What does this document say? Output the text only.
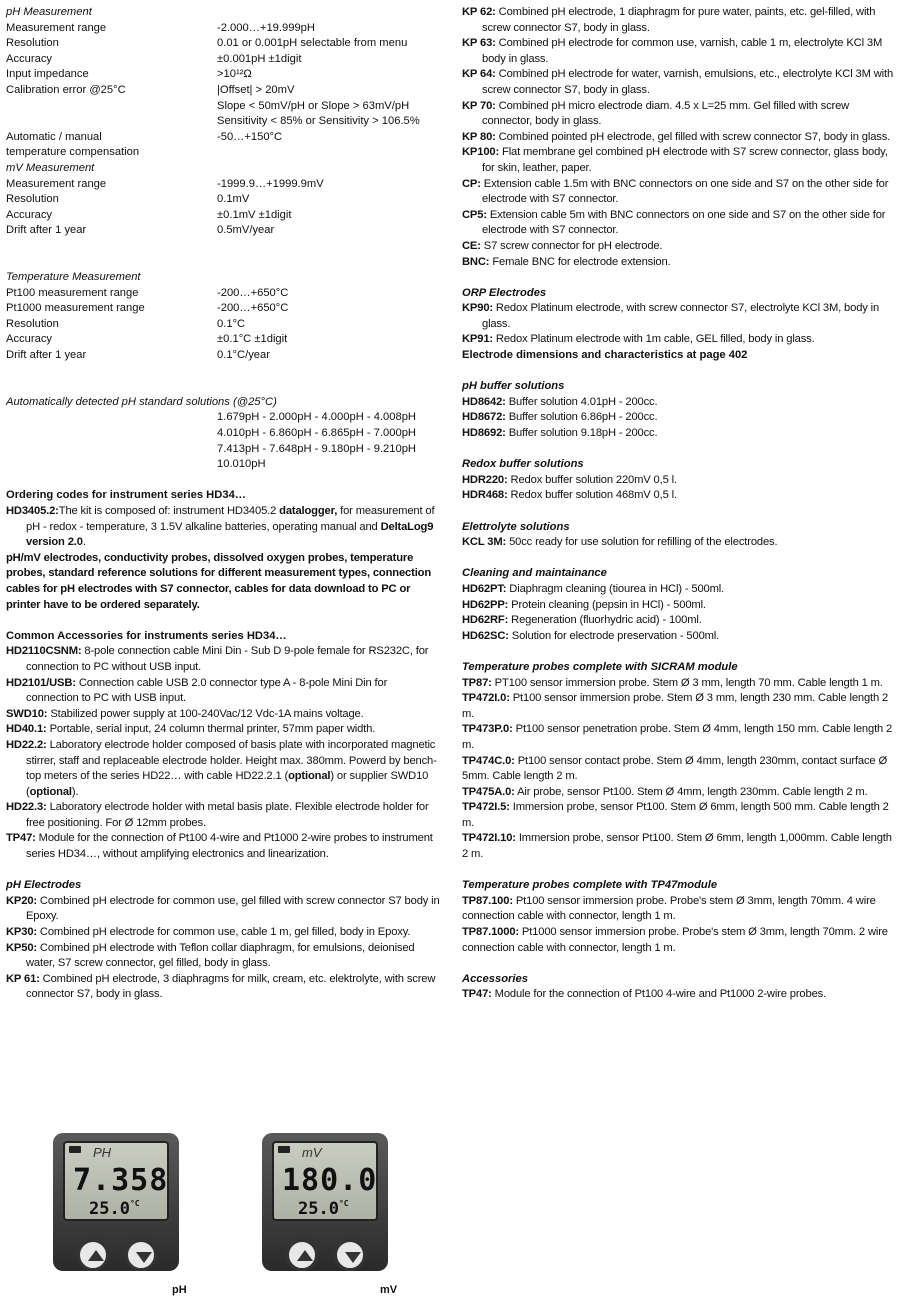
pH Measurement
Measurement range	-2.000…+19.999pH
Resolution	0.01 or 0.001pH selectable from menu
Accuracy	±0.001pH ±1digit
Input impedance	>10¹²Ω
Calibration error @25°C	|Offset| > 20mV
Slope < 50mV/pH or Slope > 63mV/pH
Sensitivity < 85% or Sensitivity > 106.5%
Automatic / manual	-50…+150°C
temperature compensation
mV Measurement
Measurement range	-1999.9…+1999.9mV
Resolution	0.1mV
Accuracy	±0.1mV ±1digit
Drift after 1 year	0.5mV/year
Temperature Measurement
Pt100 measurement range	-200…+650°C
Pt1000 measurement range	-200…+650°C
Resolution	0.1°C
Accuracy	±0.1°C ±1digit
Drift after 1 year	0.1°C/year
Automatically detected pH standard solutions (@25°C)
1.679pH - 2.000pH - 4.000pH - 4.008pH
4.010pH - 6.860pH - 6.865pH - 7.000pH
7.413pH - 7.648pH - 9.180pH - 9.210pH
10.010pH
Ordering codes for instrument series HD34…
HD3405.2:The kit is composed of: instrument HD3405.2 datalogger, for measurement of pH - redox - temperature, 3 1.5V alkaline batteries, operating manual and DeltaLog9 version 2.0.
pH/mV electrodes, conductivity probes, dissolved oxygen probes, temperature probes, standard reference solutions for different measurement types, connection cables for pH electrodes with S7 connector, cables for data download to PC or printer have to be ordered separately.
Common Accessories for instruments series HD34…
HD2110CSNM: 8-pole connection cable Mini Din - Sub D 9-pole female for RS232C, for connection to PC without USB input.
HD2101/USB: Connection cable USB 2.0 connector type A - 8-pole Mini Din for connection to PC with USB input.
SWD10: Stabilized power supply at 100-240Vac/12 Vdc-1A mains voltage.
HD40.1: Portable, serial input, 24 column thermal printer, 57mm paper width.
HD22.2: Laboratory electrode holder composed of basis plate with incorporated magnetic stirrer, staff and replaceable electrode holder. Height max. 380mm. Powerd by bench-top meters of the series HD22… with cable HD22.2.1 (optional) or supplier SWD10 (optional).
HD22.3: Laboratory electrode holder with metal basis plate. Flexible electrode holder for free positioning. For Ø 12mm probes.
TP47: Module for the connection of Pt100 4-wire and Pt1000 2-wire probes to instrument series HD34…, without amplifying electronics and linearization.
pH Electrodes
KP20: Combined pH electrode for common use, gel filled with screw connector S7 body in Epoxy.
KP30: Combined pH electrode for common use, cable 1 m, gel filled, body in Epoxy.
KP50: Combined pH electrode with Teflon collar diaphragm, for emulsions, deionised water, S7 screw connector, gel filled, body in glass.
KP 61: Combined pH electrode, 3 diaphragms for milk, cream, etc. elektrolyte, with screw connector S7, body in glass.
KP 62: Combined pH electrode, 1 diaphragm for pure water, paints, etc. gel-filled, with screw connector S7, body in glass.
KP 63: Combined pH electrode for common use, varnish, cable 1 m, electrolyte KCl 3M body in glass.
KP 64: Combined pH electrode for water, varnish, emulsions, etc., electrolyte KCl 3M with screw connector S7, body in glass.
KP 70: Combined pH micro electrode diam. 4.5 x L=25 mm. Gel filled with screw connector, body in glass.
KP 80: Combined pointed pH electrode, gel filled with screw connector S7, body in glass.
KP100: Flat membrane gel combined pH electrode with S7 screw connector, glass body, for skin, leather, paper.
CP: Extension cable 1.5m with BNC connectors on one side and S7 on the other side for electrode with S7 connector.
CP5: Extension cable 5m with BNC connectors on one side and S7 on the other side for electrode with S7 connector.
CE: S7 screw connector for pH electrode.
BNC: Female BNC for electrode extension.
ORP Electrodes
KP90: Redox Platinum electrode, with screw connector S7, electrolyte KCl 3M, body in glass.
KP91: Redox Platinum electrode with 1m cable, GEL filled, body in glass.
Electrode dimensions and characteristics at page 402
pH buffer solutions
HD8642: Buffer solution 4.01pH - 200cc.
HD8672: Buffer solution 6.86pH - 200cc.
HD8692: Buffer solution 9.18pH - 200cc.
Redox buffer solutions
HDR220: Redox buffer solution 220mV 0,5 l.
HDR468: Redox buffer solution 468mV 0,5 l.
Elettrolyte solutions
KCL 3M: 50cc ready for use solution for refilling of the electrodes.
Cleaning and maintainance
HD62PT: Diaphragm cleaning (tiourea in HCl) - 500ml.
HD62PP: Protein cleaning (pepsin in HCl) - 500ml.
HD62RF: Regeneration (fluorhydric acid) - 100ml.
HD62SC: Solution for electrode preservation - 500ml.
Temperature probes complete with SICRAM module
TP87: PT100 sensor immersion probe. Stem Ø 3 mm, length 70 mm. Cable length 1 m.
TP472I.0: Pt100 sensor immersion probe. Stem Ø 3 mm, length 230 mm. Cable length 2 m.
TP473P.0: Pt100 sensor penetration probe. Stem Ø 4mm, length 150 mm. Cable length 2 m.
TP474C.0: Pt100 sensor contact probe. Stem Ø 4mm, length 230mm, contact surface Ø 5mm. Cable length 2 m.
TP475A.0: Air probe, sensor Pt100. Stem Ø 4mm, length 230mm. Cable length 2 m.
TP472I.5: Immersion probe, sensor Pt100. Stem Ø 6mm, length 500 mm. Cable length 2 m.
TP472I.10: Immersion probe, sensor Pt100. Stem Ø 6mm, length 1,000mm. Cable length 2 m.
Temperature probes complete with TP47module
TP87.100: Pt100 sensor immersion probe. Probe's stem Ø 3mm, length 70mm. 4 wire connection cable with connector, length 1 m.
TP87.1000: Pt1000 sensor immersion probe. Probe's stem Ø 3mm, length 70mm. 2 wire connection cable with connector, length 1 m.
Accessories
TP47: Module for the connection of Pt100 4-wire and Pt1000 2-wire probes.
PH
7.358
$25.0^{^\circ C}$
pH
mV
180.0
$25.0^{^\circ C}$
mV
